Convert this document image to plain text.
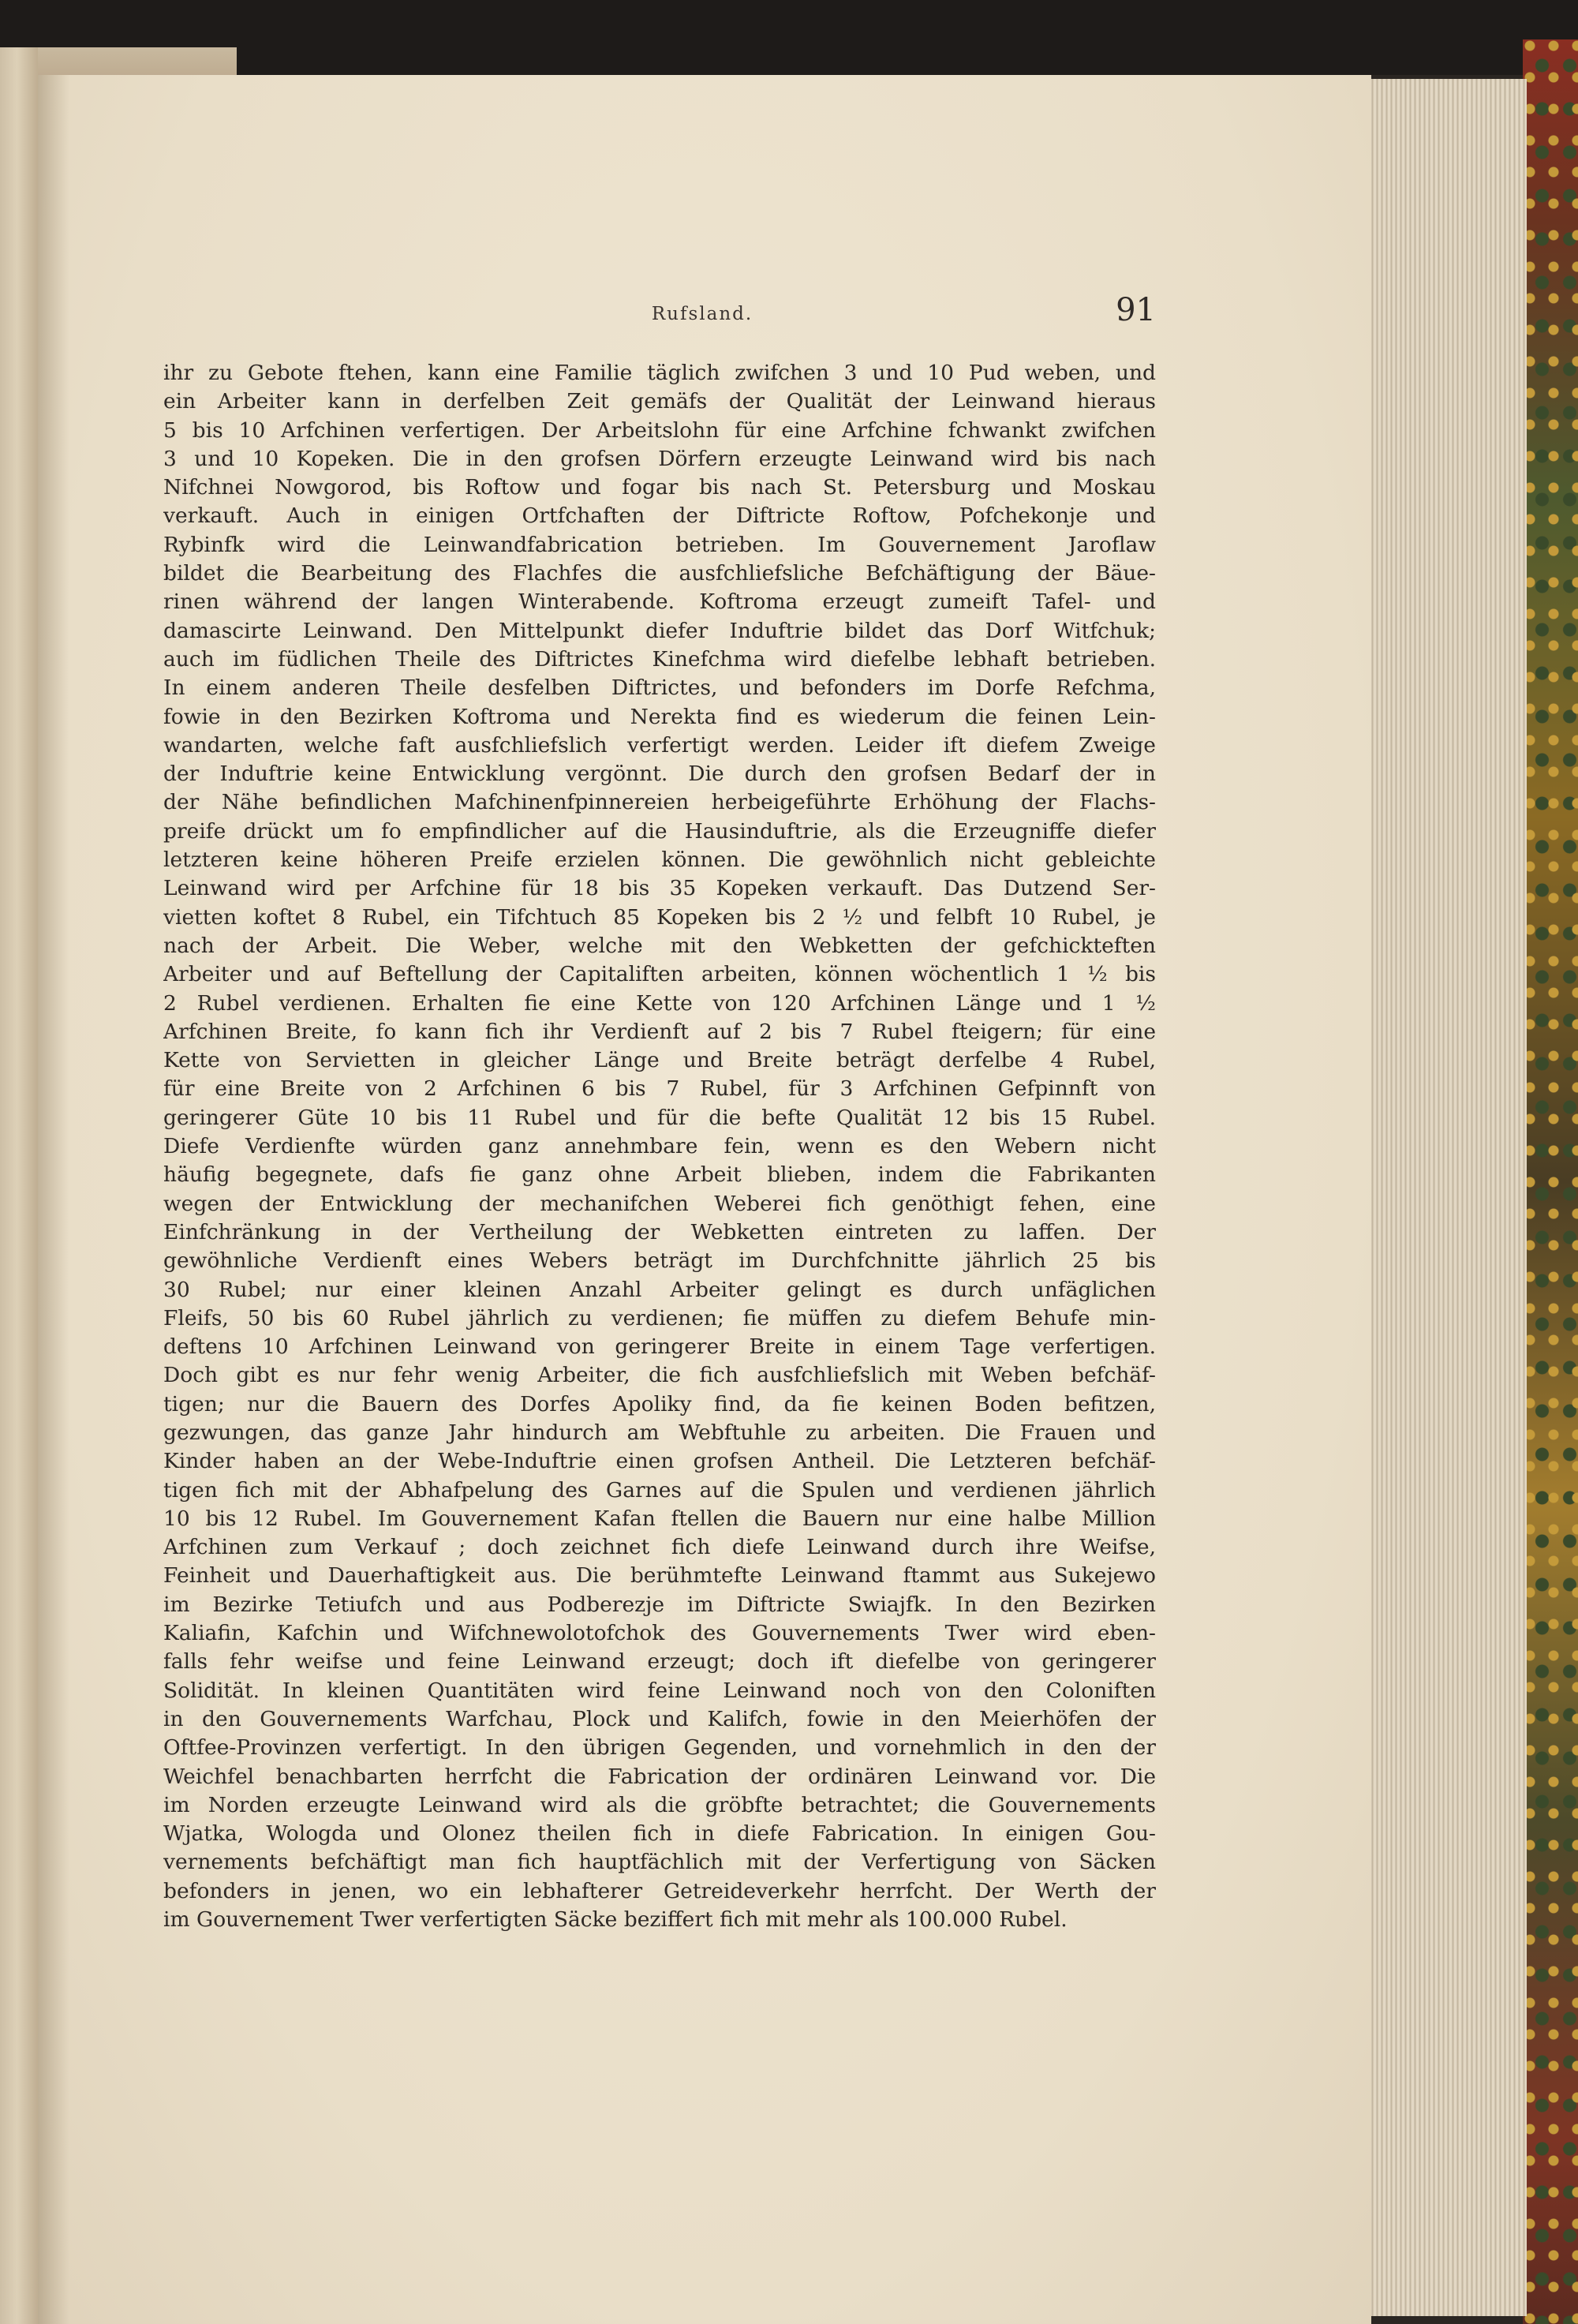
Rufsland.	91
ihr zu Gebote ftehen, kann eine Familie täglich zwifchen 3 und 10 Pud weben, und
ein Arbeiter kann in derfelben Zeit gemäfs der Qualität der Leinwand hieraus
5 bis 10 Arfchinen verfertigen. Der Arbeitslohn für eine Arfchine fchwankt zwifchen
3 und 10 Kopeken. Die in den grofsen Dörfern erzeugte Leinwand wird bis nach
Nifchnei Nowgorod, bis Roftow und fogar bis nach St. Petersburg und Moskau
verkauft. Auch in einigen Ortfchaften der Diftricte Roftow, Pofchekonje und
Rybinfk wird die Leinwandfabrication betrieben. Im Gouvernement Jaroflaw
bildet die Bearbeitung des Flachfes die ausfchliefsliche Befchäftigung der Bäue-
rinen während der langen Winterabende. Koftroma erzeugt zumeift Tafel- und
damascirte Leinwand. Den Mittelpunkt diefer Induftrie bildet das Dorf Witfchuk;
auch im füdlichen Theile des Diftrictes Kinefchma wird diefelbe lebhaft betrieben.
In einem anderen Theile desfelben Diftrictes, und befonders im Dorfe Refchma,
fowie in den Bezirken Koftroma und Nerekta find es wiederum die feinen Lein-
wandarten, welche faft ausfchliefslich verfertigt werden. Leider ift diefem Zweige
der Induftrie keine Entwicklung vergönnt. Die durch den grofsen Bedarf der in
der Nähe befindlichen Mafchinenfpinnereien herbeigeführte Erhöhung der Flachs-
preife drückt um fo empfindlicher auf die Hausinduftrie, als die Erzeugniffe diefer
letzteren keine höheren Preife erzielen können. Die gewöhnlich nicht gebleichte
Leinwand wird per Arfchine für 18 bis 35 Kopeken verkauft. Das Dutzend Ser-
vietten koftet 8 Rubel, ein Tifchtuch 85 Kopeken bis 2 ½ und felbft 10 Rubel, je
nach der Arbeit. Die Weber, welche mit den Webketten der gefchickteften
Arbeiter und auf Beftellung der Capitaliften arbeiten, können wöchentlich 1 ½ bis
2 Rubel verdienen. Erhalten fie eine Kette von 120 Arfchinen Länge und 1 ½
Arfchinen Breite, fo kann fich ihr Verdienft auf 2 bis 7 Rubel fteigern; für eine
Kette von Servietten in gleicher Länge und Breite beträgt derfelbe 4 Rubel,
für eine Breite von 2 Arfchinen 6 bis 7 Rubel, für 3 Arfchinen Gefpinnft von
geringerer Güte 10 bis 11 Rubel und für die befte Qualität 12 bis 15 Rubel.
Diefe Verdienfte würden ganz annehmbare fein, wenn es den Webern nicht
häufig begegnete, dafs fie ganz ohne Arbeit blieben, indem die Fabrikanten
wegen der Entwicklung der mechanifchen Weberei fich genöthigt fehen, eine
Einfchränkung in der Vertheilung der Webketten eintreten zu laffen. Der
gewöhnliche Verdienft eines Webers beträgt im Durchfchnitte jährlich 25 bis
30 Rubel; nur einer kleinen Anzahl Arbeiter gelingt es durch unfäglichen
Fleifs, 50 bis 60 Rubel jährlich zu verdienen; fie müffen zu diefem Behufe min-
deftens 10 Arfchinen Leinwand von geringerer Breite in einem Tage verfertigen.
Doch gibt es nur fehr wenig Arbeiter, die fich ausfchliefslich mit Weben befchäf-
tigen; nur die Bauern des Dorfes Apoliky find, da fie keinen Boden befitzen,
gezwungen, das ganze Jahr hindurch am Webftuhle zu arbeiten. Die Frauen und
Kinder haben an der Webe-Induftrie einen grofsen Antheil. Die Letzteren befchäf-
tigen fich mit der Abhafpelung des Garnes auf die Spulen und verdienen jährlich
10 bis 12 Rubel. Im Gouvernement Kafan ftellen die Bauern nur eine halbe Million
Arfchinen zum Verkauf ; doch zeichnet fich diefe Leinwand durch ihre Weifse,
Feinheit und Dauerhaftigkeit aus. Die berühmtefte Leinwand ftammt aus Sukejewo
im Bezirke Tetiufch und aus Podberezje im Diftricte Swiajfk. In den Bezirken
Kaliafin, Kafchin und Wifchnewolotofchok des Gouvernements Twer wird eben-
falls fehr weifse und feine Leinwand erzeugt; doch ift diefelbe von geringerer
Solidität. In kleinen Quantitäten wird feine Leinwand noch von den Coloniften
in den Gouvernements Warfchau, Plock und Kalifch, fowie in den Meierhöfen der
Oftfee-Provinzen verfertigt. In den übrigen Gegenden, und vornehmlich in den der
Weichfel benachbarten herrfcht die Fabrication der ordinären Leinwand vor. Die
im Norden erzeugte Leinwand wird als die gröbfte betrachtet; die Gouvernements
Wjatka, Wologda und Olonez theilen fich in diefe Fabrication. In einigen Gou-
vernements befchäftigt man fich hauptfächlich mit der Verfertigung von Säcken
befonders in jenen, wo ein lebhafterer Getreideverkehr herrfcht. Der Werth der
im Gouvernement Twer verfertigten Säcke beziffert fich mit mehr als 100.000 Rubel.
